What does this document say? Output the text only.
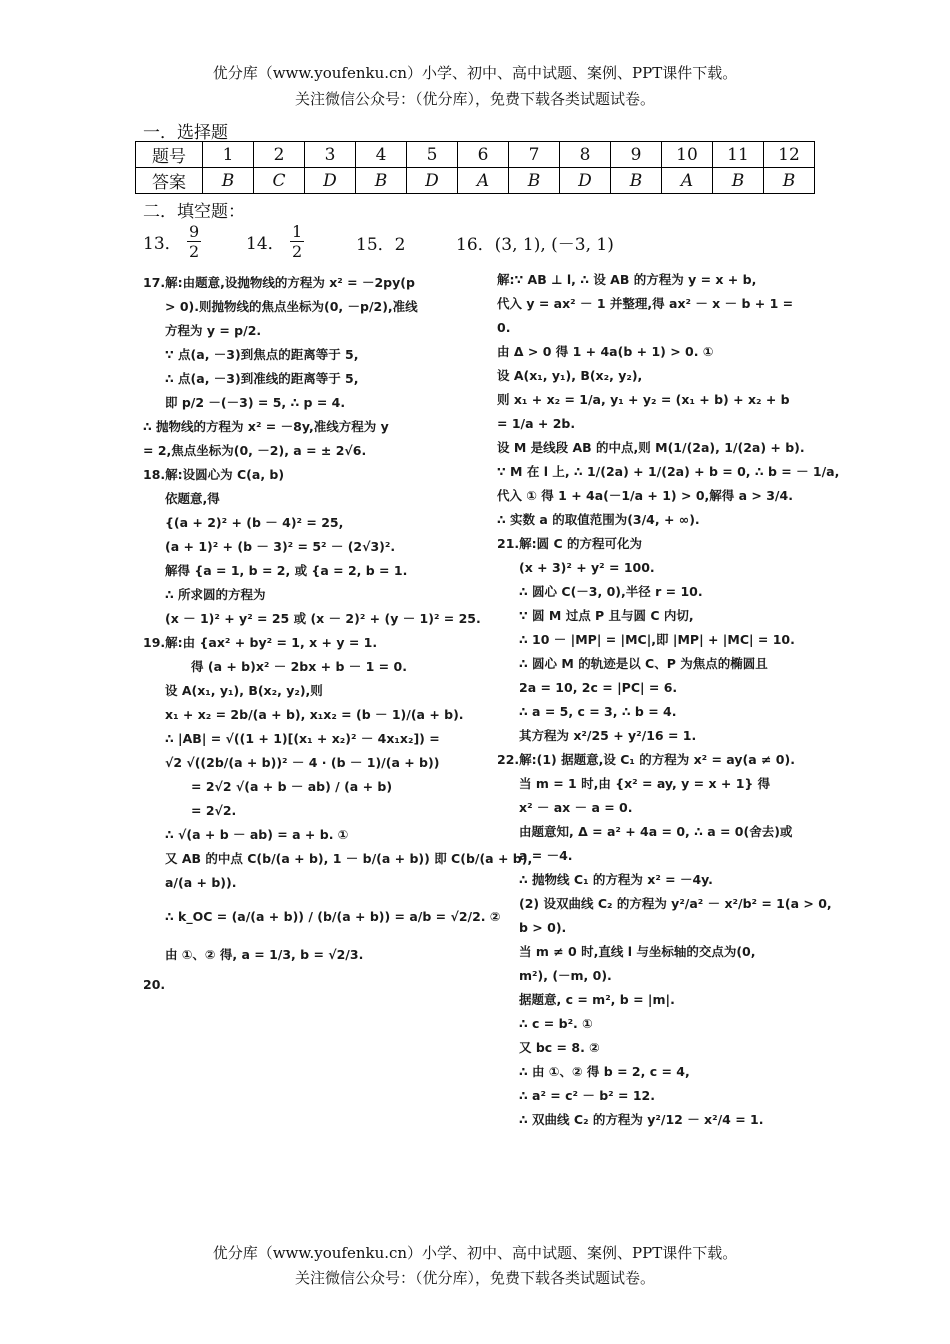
优分库（www.youfenku.cn）小学、初中、高中试题、案例、PPT课件下载。
关注微信公众号：（优分库），免费下载各类试题试卷。
一．选择题
题号	1	2	3	4	5	6	7	8	9	10	11	12
答案	B	C	D	B	D	A	B	D	B	A	B	B
二．填空题：
13． $\frac{9}{2}$	14． $\frac{1}{2}$	15．2	16．(3, 1), (－3, 1)
17.解:由题意,设抛物线的方程为 x² = －2py(p
> 0).则抛物线的焦点坐标为(0, －p/2),准线
方程为 y = p/2.
∵ 点(a, －3)到焦点的距离等于 5,
∴ 点(a, －3)到准线的距离等于 5,
即 p/2 －(－3) = 5, ∴ p = 4.
∴ 抛物线的方程为 x² = －8y,准线方程为 y
= 2,焦点坐标为(0, －2), a = ± 2√6.
18.解:设圆心为 C(a, b)
依题意,得
{(a + 2)² + (b － 4)² = 25,
(a + 1)² + (b － 3)² = 5² － (2√3)².
解得 {a = 1, b = 2, 或 {a = 2, b = 1.
∴ 所求圆的方程为
(x － 1)² + y² = 25 或 (x － 2)² + (y － 1)² = 25.
19.解:由 {ax² + by² = 1, x + y = 1.
得 (a + b)x² － 2bx + b － 1 = 0.
设 A(x₁, y₁), B(x₂, y₂),则
x₁ + x₂ = 2b/(a + b), x₁x₂ = (b － 1)/(a + b).
∴ |AB| = √((1 + 1)[(x₁ + x₂)² － 4x₁x₂]) =
√2 √((2b/(a + b))² － 4 · (b － 1)/(a + b))
= 2√2 √(a + b － ab) / (a + b)
= 2√2.
∴ √(a + b － ab) = a + b. ①
又 AB 的中点 C(b/(a + b), 1 － b/(a + b)) 即 C(b/(a + b),
a/(a + b)).
∴ k_OC = (a/(a + b)) / (b/(a + b)) = a/b = √2/2. ②
由 ①、② 得, a = 1/3, b = √2/3.
20.
解:∵ AB ⊥ l, ∴ 设 AB 的方程为 y = x + b,
代入 y = ax² － 1 并整理,得 ax² － x － b + 1 =
0.
由 Δ > 0 得 1 + 4a(b + 1) > 0. ①
设 A(x₁, y₁), B(x₂, y₂),
则 x₁ + x₂ = 1/a, y₁ + y₂ = (x₁ + b) + x₂ + b
= 1/a + 2b.
设 M 是线段 AB 的中点,则 M(1/(2a), 1/(2a) + b).
∵ M 在 l 上, ∴ 1/(2a) + 1/(2a) + b = 0, ∴ b = － 1/a,
代入 ① 得 1 + 4a(－1/a + 1) > 0,解得 a > 3/4.
∴ 实数 a 的取值范围为(3/4, + ∞).
21.解:圆 C 的方程可化为
(x + 3)² + y² = 100.
∴ 圆心 C(－3, 0),半径 r = 10.
∵ 圆 M 过点 P 且与圆 C 内切,
∴ 10 － |MP| = |MC|,即 |MP| + |MC| = 10.
∴ 圆心 M 的轨迹是以 C、P 为焦点的椭圆且
2a = 10, 2c = |PC| = 6.
∴ a = 5, c = 3, ∴ b = 4.
其方程为 x²/25 + y²/16 = 1.
22.解:(1) 据题意,设 C₁ 的方程为 x² = ay(a ≠ 0).
当 m = 1 时,由 {x² = ay, y = x + 1} 得
x² － ax － a = 0.
由题意知, Δ = a² + 4a = 0, ∴ a = 0(舍去)或
a = －4.
∴ 抛物线 C₁ 的方程为 x² = －4y.
(2) 设双曲线 C₂ 的方程为 y²/a² － x²/b² = 1(a > 0,
b > 0).
当 m ≠ 0 时,直线 l 与坐标轴的交点为(0,
m²), (－m, 0).
据题意, c = m², b = |m|.
∴ c = b². ①
又 bc = 8. ②
∴ 由 ①、② 得 b = 2, c = 4,
∴ a² = c² － b² = 12.
∴ 双曲线 C₂ 的方程为 y²/12 － x²/4 = 1.
优分库（www.youfenku.cn）小学、初中、高中试题、案例、PPT课件下载。
关注微信公众号：（优分库），免费下载各类试题试卷。
